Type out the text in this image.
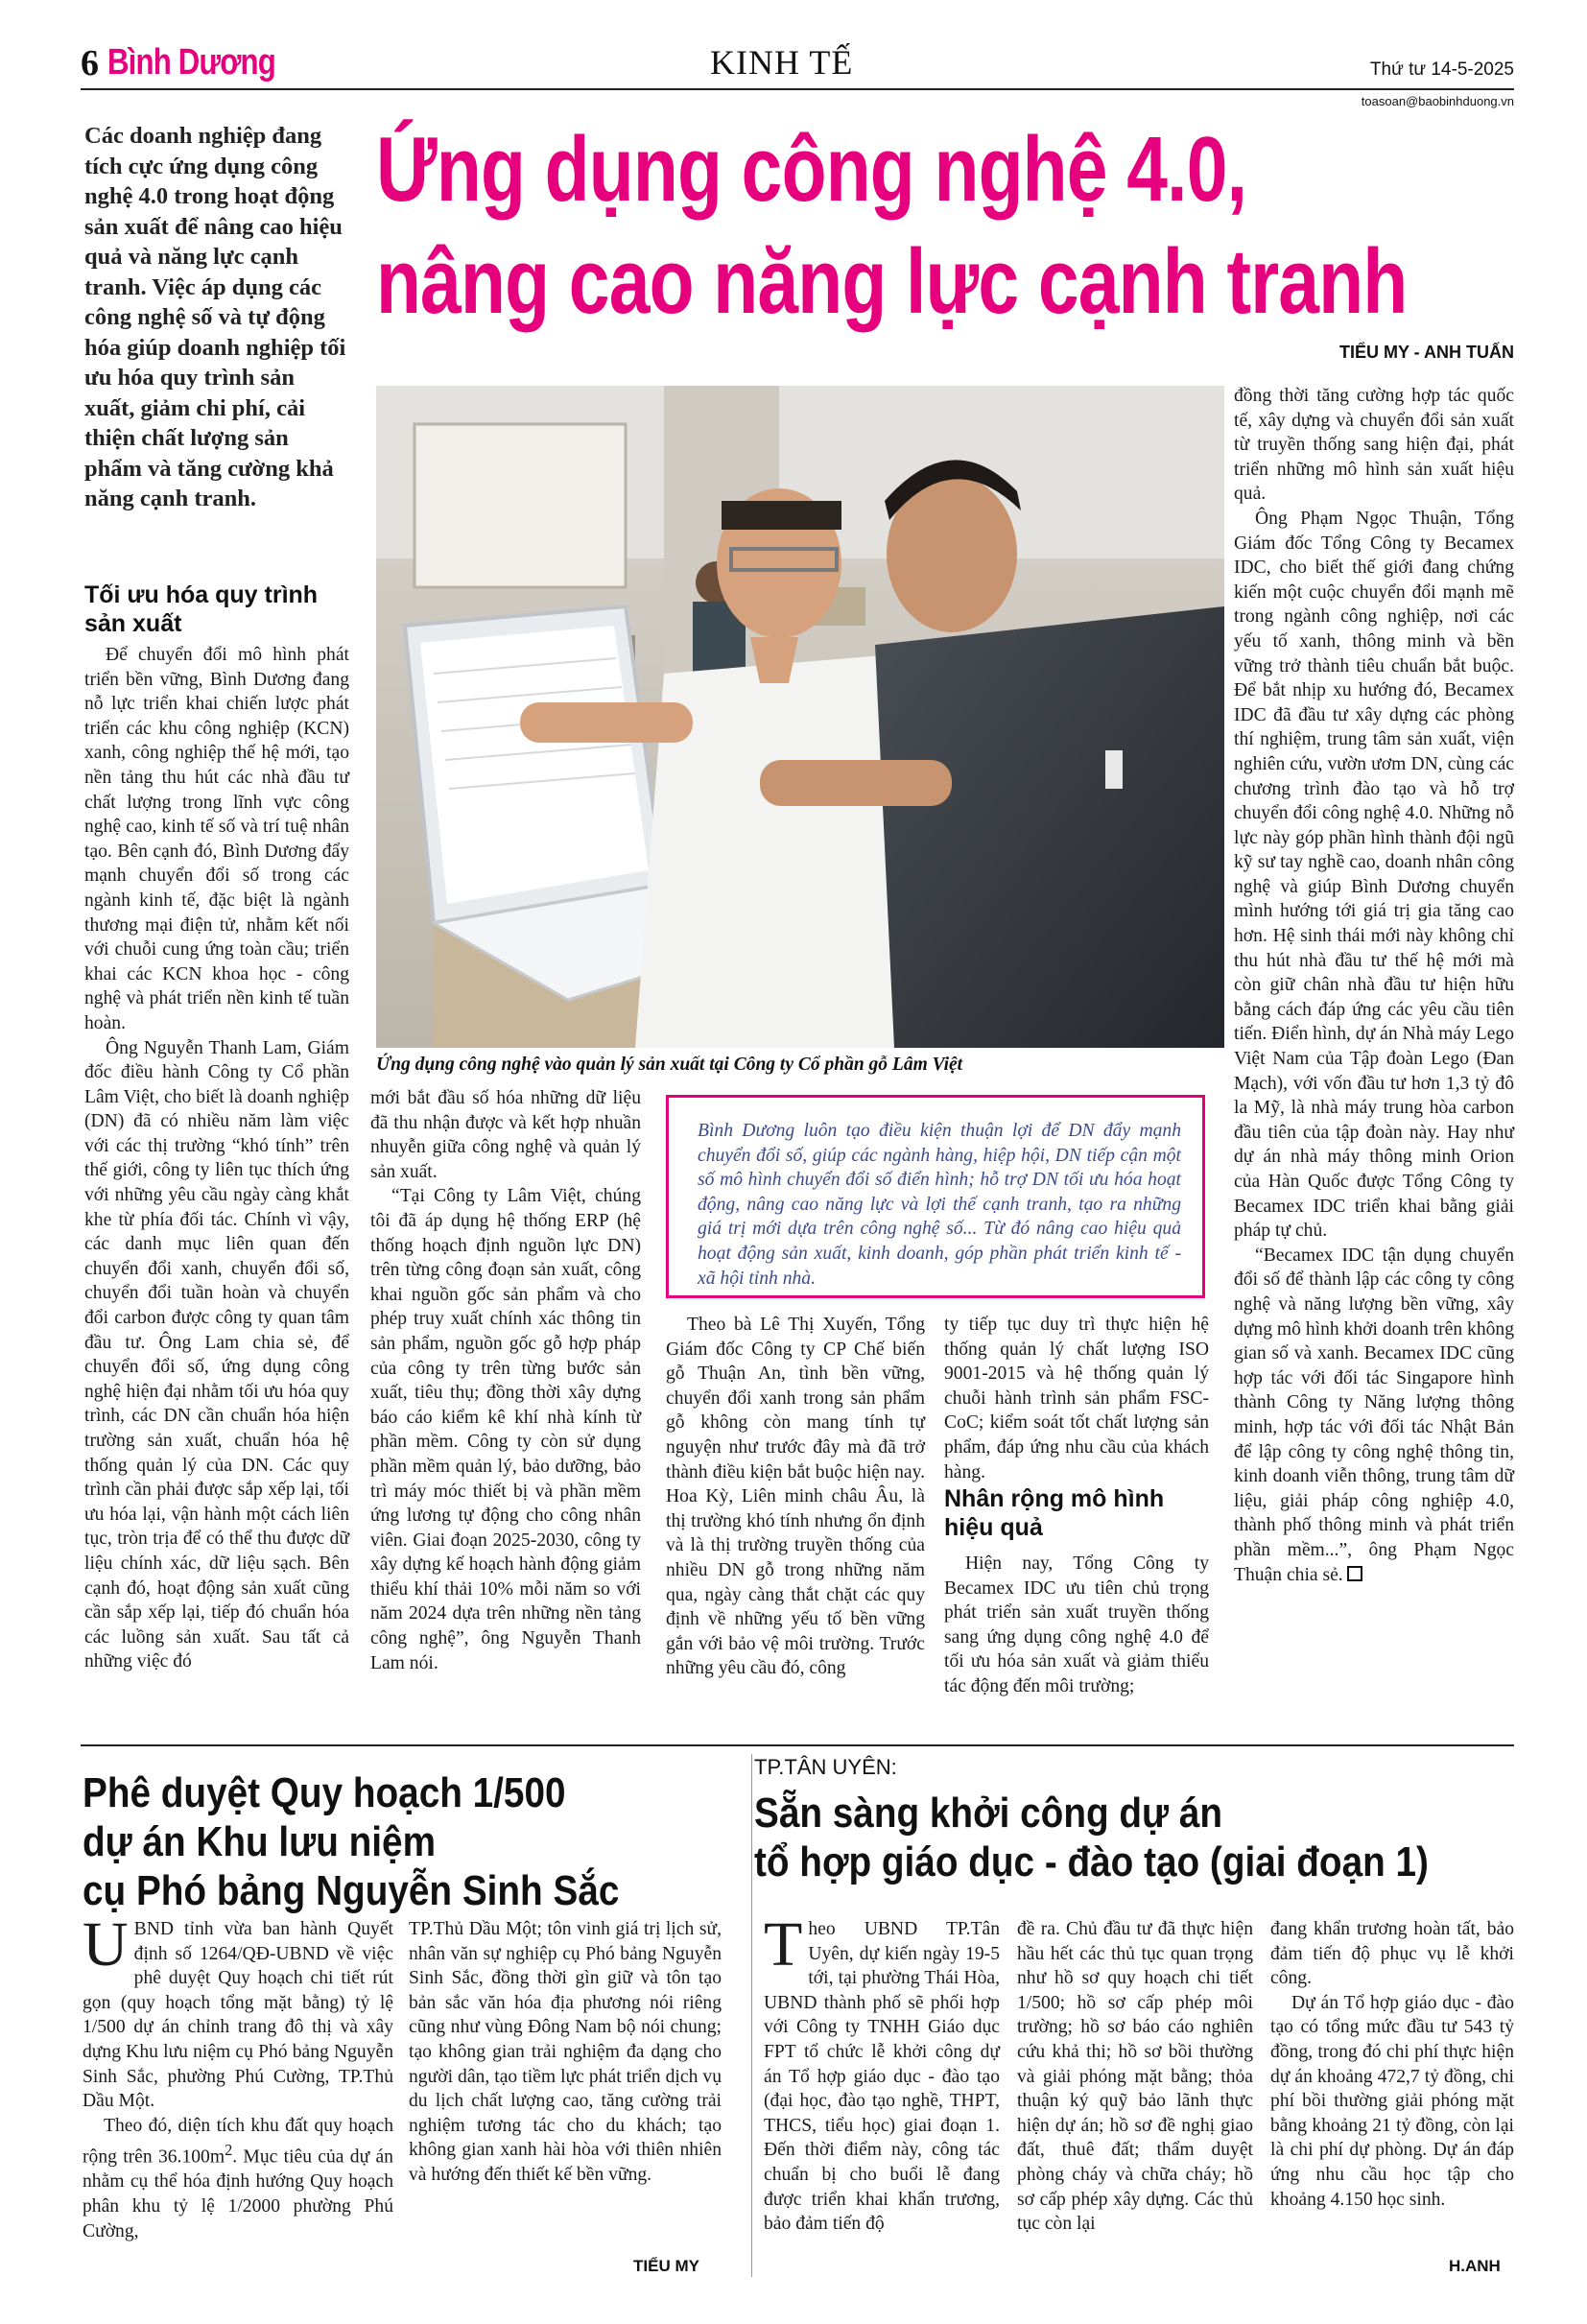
6 Bình Dương	KINH TẾ	Thứ tư 14-5-2025
toasoan@baobinhduong.vn
Các doanh nghiệp đang tích cực ứng dụng công nghệ 4.0 trong hoạt động sản xuất để nâng cao hiệu quả và năng lực cạnh tranh. Việc áp dụng các công nghệ số và tự động hóa giúp doanh nghiệp tối ưu hóa quy trình sản xuất, giảm chi phí, cải thiện chất lượng sản phẩm và tăng cường khả năng cạnh tranh.
Ứng dụng công nghệ 4.0,
nâng cao năng lực cạnh tranh
TIỂU MY - ANH TUẤN
Ứng dụng công nghệ vào quản lý sản xuất tại Công ty Cổ phần gỗ Lâm Việt
Tối ưu hóa quy trình sản xuất

Để chuyển đổi mô hình phát triển bền vững, Bình Dương đang nỗ lực triển khai chiến lược phát triển các khu công nghiệp (KCN) xanh, công nghiệp thế hệ mới, tạo nền tảng thu hút các nhà đầu tư chất lượng trong lĩnh vực công nghệ cao, kinh tế số và trí tuệ nhân tạo. Bên cạnh đó, Bình Dương đẩy mạnh chuyển đổi số trong các ngành kinh tế, đặc biệt là ngành thương mại điện tử, nhằm kết nối với chuỗi cung ứng toàn cầu; triển khai các KCN khoa học - công nghệ và phát triển nền kinh tế tuần hoàn.

Ông Nguyễn Thanh Lam, Giám đốc điều hành Công ty Cổ phần Lâm Việt, cho biết là doanh nghiệp (DN) đã có nhiều năm làm việc với các thị trường “khó tính” trên thế giới, công ty liên tục thích ứng với những yêu cầu ngày càng khắt khe từ phía đối tác. Chính vì vậy, các danh mục liên quan đến chuyển đổi xanh, chuyển đổi số, chuyển đổi tuần hoàn và chuyển đổi carbon được công ty quan tâm đầu tư. Ông Lam chia sẻ, để chuyển đổi số, ứng dụng công nghệ hiện đại nhằm tối ưu hóa quy trình, các DN cần chuẩn hóa hiện trường sản xuất, chuẩn hóa hệ thống quản lý của DN. Các quy trình cần phải được sắp xếp lại, tối ưu hóa lại, vận hành một cách liên tục, tròn trịa để có thể thu được dữ liệu chính xác, dữ liệu sạch. Bên cạnh đó, hoạt động sản xuất cũng cần sắp xếp lại, tiếp đó chuẩn hóa các luồng sản xuất. Sau tất cả những việc đó

mới bắt đầu số hóa những dữ liệu đã thu nhận được và kết hợp nhuần nhuyễn giữa công nghệ và quản lý sản xuất.

“Tại Công ty Lâm Việt, chúng tôi đã áp dụng hệ thống ERP (hệ thống hoạch định nguồn lực DN) trên từng công đoạn sản xuất, công khai nguồn gốc sản phẩm và cho phép truy xuất chính xác thông tin sản phẩm, nguồn gốc gỗ hợp pháp của công ty trên từng bước sản xuất, tiêu thụ; đồng thời xây dựng báo cáo kiểm kê khí nhà kính từ phần mềm. Công ty còn sử dụng phần mềm quản lý, bảo dưỡng, bảo trì máy móc thiết bị và phần mềm ứng lương tự động cho công nhân viên. Giai đoạn 2025-2030, công ty xây dựng kế hoạch hành động giảm thiểu khí thải 10% mỗi năm so với năm 2024 dựa trên những nền tảng công nghệ”, ông Nguyễn Thanh Lam nói.

Bình Dương luôn tạo điều kiện thuận lợi để DN đẩy mạnh chuyển đổi số, giúp các ngành hàng, hiệp hội, DN tiếp cận một số mô hình chuyển đổi số điển hình; hỗ trợ DN tối ưu hóa hoạt động, nâng cao năng lực và lợi thế cạnh tranh, tạo ra những giá trị mới dựa trên công nghệ số... Từ đó nâng cao hiệu quả hoạt động sản xuất, kinh doanh, góp phần phát triển kinh tế - xã hội tỉnh nhà.

Theo bà Lê Thị Xuyến, Tổng Giám đốc Công ty CP Chế biến gỗ Thuận An, tình bền vững, chuyển đổi xanh trong sản phẩm gỗ không còn mang tính tự nguyện như trước đây mà đã trở thành điều kiện bắt buộc hiện nay. Hoa Kỳ, Liên minh châu Âu, là thị trường khó tính nhưng ổn định và là thị trường truyền thống của nhiều DN gỗ trong những năm qua, ngày càng thắt chặt các quy định về những yếu tố bền vững gắn với bảo vệ môi trường. Trước những yêu cầu đó, công

ty tiếp tục duy trì thực hiện hệ thống quản lý chất lượng ISO 9001-2015 và hệ thống quản lý chuỗi hành trình sản phẩm FSC-CoC; kiểm soát tốt chất lượng sản phẩm, đáp ứng nhu cầu của khách hàng.

Nhân rộng mô hình hiệu quả

Hiện nay, Tổng Công ty Becamex IDC ưu tiên chủ trọng phát triển sản xuất truyền thống sang ứng dụng công nghệ 4.0 để tối ưu hóa sản xuất và giảm thiểu tác động đến môi trường;

đồng thời tăng cường hợp tác quốc tế, xây dựng và chuyển đổi sản xuất từ truyền thống sang hiện đại, phát triển những mô hình sản xuất hiệu quả.

Ông Phạm Ngọc Thuận, Tổng Giám đốc Tổng Công ty Becamex IDC, cho biết thế giới đang chứng kiến một cuộc chuyển đổi mạnh mẽ trong ngành công nghiệp, nơi các yếu tố xanh, thông minh và bền vững trở thành tiêu chuẩn bắt buộc. Để bắt nhịp xu hướng đó, Becamex IDC đã đầu tư xây dựng các phòng thí nghiệm, trung tâm sản xuất, viện nghiên cứu, vườn ươm DN, cùng các chương trình đào tạo và hỗ trợ chuyển đổi công nghệ 4.0. Những nỗ lực này góp phần hình thành đội ngũ kỹ sư tay nghề cao, doanh nhân công nghệ và giúp Bình Dương chuyển mình hướng tới giá trị gia tăng cao hơn. Hệ sinh thái mới này không chỉ thu hút nhà đầu tư thế hệ mới mà còn giữ chân nhà đầu tư hiện hữu bằng cách đáp ứng các yêu cầu tiên tiến. Điển hình, dự án Nhà máy Lego Việt Nam của Tập đoàn Lego (Đan Mạch), với vốn đầu tư hơn 1,3 tỷ đô la Mỹ, là nhà máy trung hòa carbon đầu tiên của tập đoàn này. Hay như dự án nhà máy thông minh Orion của Hàn Quốc được Tổng Công ty Becamex IDC triển khai bằng giải pháp tự chủ.

“Becamex IDC tận dụng chuyển đổi số để thành lập các công ty công nghệ và năng lượng bền vững, xây dựng mô hình khởi doanh trên không gian số và xanh. Becamex IDC cũng hợp tác với đối tác Singapore hình thành Công ty Năng lượng thông minh, hợp tác với đối tác Nhật Bản để lập công ty công nghệ thông tin, kinh doanh viễn thông, trung tâm dữ liệu, giải pháp công nghiệp 4.0, thành phố thông minh và phát triển phần mềm...”, ông Phạm Ngọc Thuận chia sẻ.

Phê duyệt Quy hoạch 1/500
dự án Khu lưu niệm
cụ Phó bảng Nguyễn Sinh Sắc

UBND tỉnh vừa ban hành Quyết định số 1264/QĐ-UBND về việc phê duyệt Quy hoạch chi tiết rút gọn (quy hoạch tổng mặt bằng) tỷ lệ 1/500 dự án chỉnh trang đô thị và xây dựng Khu lưu niệm cụ Phó bảng Nguyễn Sinh Sắc, phường Phú Cường, TP.Thủ Dầu Một.

Theo đó, diện tích khu đất quy hoạch rộng trên $36.100m^2$. Mục tiêu của dự án nhằm cụ thể hóa định hướng Quy hoạch phân khu tỷ lệ 1/2000 phường Phú Cường,

TP.Thủ Dầu Một; tôn vinh giá trị lịch sử, nhân văn sự nghiệp cụ Phó bảng Nguyễn Sinh Sắc, đồng thời gìn giữ và tôn tạo bản sắc văn hóa địa phương nói riêng cũng như vùng Đông Nam bộ nói chung; tạo không gian trải nghiệm đa dạng cho người dân, tạo tiềm lực phát triển dịch vụ du lịch chất lượng cao, tăng cường trải nghiệm tương tác cho du khách; tạo không gian xanh hài hòa với thiên nhiên và hướng đến thiết kế bền vững.

TIỂU MY
TP.TÂN UYÊN:
Sẵn sàng khởi công dự án
tổ hợp giáo dục - đào tạo (giai đoạn 1)

Theo UBND TP.Tân Uyên, dự kiến ngày 19-5 tới, tại phường Thái Hòa, UBND thành phố sẽ phối hợp với Công ty TNHH Giáo dục FPT tổ chức lễ khởi công dự án Tổ hợp giáo dục - đào tạo (đại học, đào tạo nghề, THPT, THCS, tiểu học) giai đoạn 1. Đến thời điểm này, công tác chuẩn bị cho buổi lễ đang được triển khai khẩn trương, bảo đảm tiến độ

đề ra. Chủ đầu tư đã thực hiện hầu hết các thủ tục quan trọng như hồ sơ quy hoạch chi tiết 1/500; hồ sơ cấp phép môi trường; hồ sơ báo cáo nghiên cứu khả thi; hồ sơ bồi thường và giải phóng mặt bằng; thỏa thuận ký quỹ bảo lãnh thực hiện dự án; hồ sơ đề nghị giao đất, thuê đất; thẩm duyệt phòng cháy và chữa cháy; hồ sơ cấp phép xây dựng. Các thủ tục còn lại

đang khẩn trương hoàn tất, bảo đảm tiến độ phục vụ lễ khởi công.

Dự án Tổ hợp giáo dục - đào tạo có tổng mức đầu tư 543 tỷ đồng, trong đó chi phí thực hiện dự án khoảng 472,7 tỷ đồng, chi phí bồi thường giải phóng mặt bằng khoảng 21 tỷ đồng, còn lại là chi phí dự phòng. Dự án đáp ứng nhu cầu học tập cho khoảng 4.150 học sinh.

H.ANH
